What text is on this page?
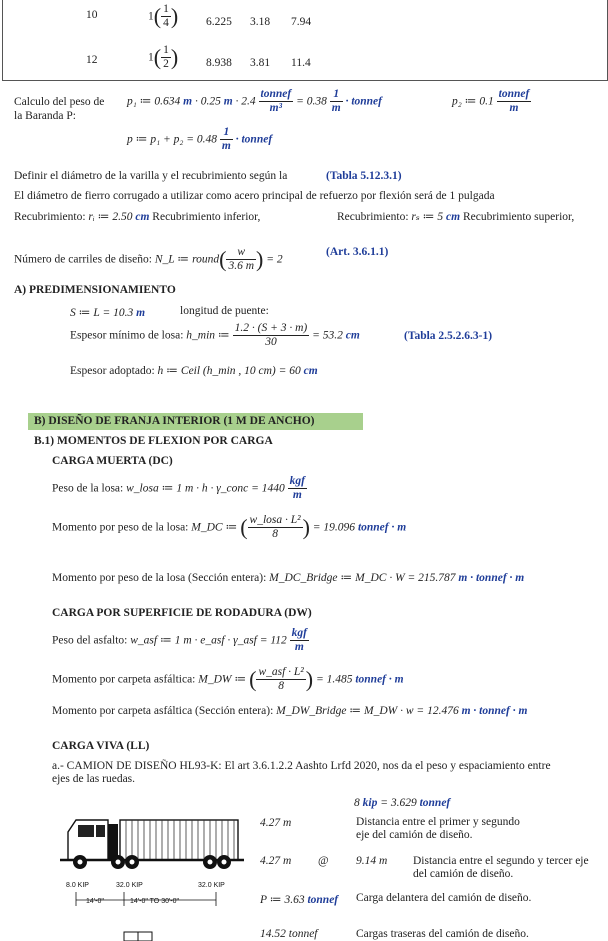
10	$1( \frac{1}{4}$ ) 6.225 3.18 7.94
12	$1( \frac{1}{2}$ ) 8.938 3.81 11.4
Calculo del peso de
la Baranda P:
p₁ ≔ 0.634 m · 0.25 $m \cdot 2.4 \frac{\text{tonnef}}{\text{m³}} = 0.38 \frac{1}{m}$ · tonnef	p₂ ≔ $0.1 \frac{\text{tonnef}}{m}$
p ≔ $p_1 + p_2 = 0.48 \frac{1}{m}$ · tonnef
Definir el diámetro de la varilla y el recubrimiento según la	(Tabla 5.12.3.1)
El diámetro de fierro corrugado a utilizar como acero principal de refuerzo por flexión será de 1 pulgada
Recubrimiento: rᵢ ≔ 2.50 cm Recubrimiento inferior,	Recubrimiento: rₛ ≔ 5 cm Recubrimiento superior,
Número de carriles de diseño: N_L ≔ round( $\frac{w}{3.6 m}$ ) = 2
(Art. 3.6.1.1)
A) PREDIMENSIONAMIENTO
S ≔ L = 10.3 m	longitud de puente:
Espesor mínimo de losa: h_min ≔ $\frac{1.2 \cdot (S + 3 \cdot m)}{30} = 53.2$ cm	(Tabla 2.5.2.6.3-1)
Espesor adoptado: h ≔ Ceil (h_min , 10 cm) = 60 cm
B) DISEÑO DE FRANJA INTERIOR (1 M DE ANCHO)
B.1) MOMENTOS DE FLEXION POR CARGA
CARGA MUERTA (DC)
Peso de la losa: w_losa ≔ 1 m · h · γ_conc = $1440 \frac{\text{kgf}}{m}$
Momento por peso de la losa: M_DC ≔ ( $\frac{\text{w\_losa · L²}}{8}$ ) = 19.096 tonnef · m
Momento por peso de la losa (Sección entera): M_DC_Bridge ≔ M_DC · W = 215.787 m · tonnef · m
CARGA POR SUPERFICIE DE RODADURA (DW)
Peso del asfalto: w_asf ≔ 1 m · e_asf · γ_asf = $112 \frac{\text{kgf}}{m}$
Momento por carpeta asfáltica: M_DW ≔ ( $\frac{\text{w\_asf · L²}}{8}$ ) = 1.485 tonnef · m
Momento por carpeta asfáltica (Sección entera): M_DW_Bridge ≔ M_DW · w = 12.476 m · tonnef · m
CARGA VIVA (LL)
a.- CAMION DE DISEÑO HL93-K: El art 3.6.1.2.2 Aashto Lrfd 2020, nos da el peso y espaciamiento entre
ejes de las ruedas.
8 kip = 3.629 tonnef
4.27 m	Distancia entre el primer y segundo
eje del camión de diseño.
4.27 m @ 9.14 m Distancia entre el segundo y tercer eje
del camión de diseño.
P ≔ 3.63 tonnef Carga delantera del camión de diseño.
14.52 tonnef	Cargas traseras del camión de diseño.
8.0 KIP	32.0 KIP	32.0 KIP
14'-0"	14'-0" TO 30'-0"
